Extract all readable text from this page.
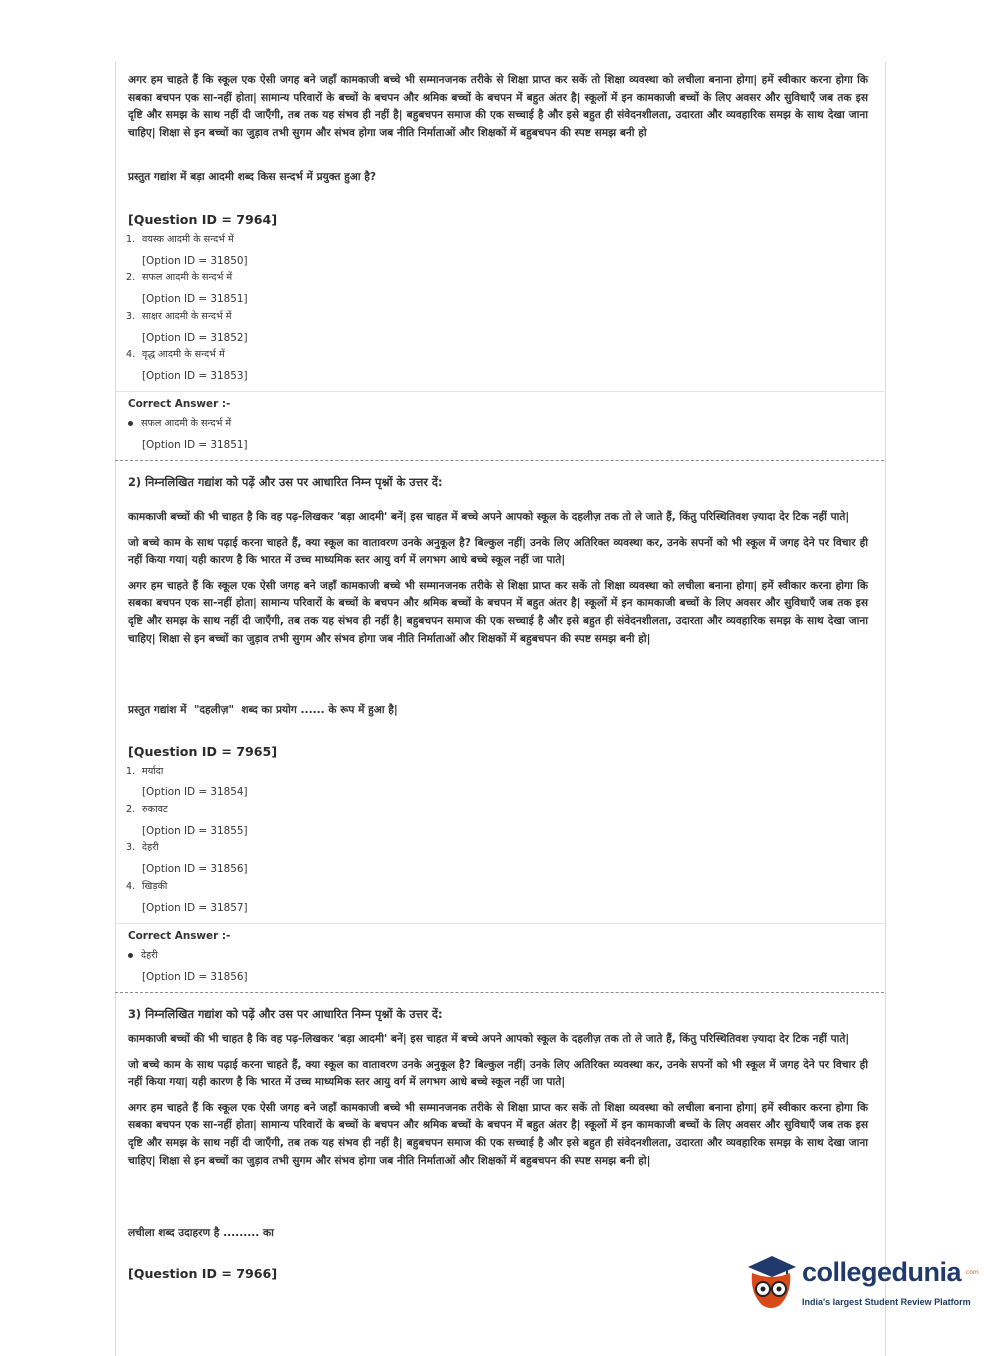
अगर हम चाहते हैं कि स्कूल एक ऐसी जगह बने जहाँ कामकाजी बच्चे भी सम्मानजनक तरीके से शिक्षा प्राप्त कर सकें तो शिक्षा व्यवस्था को लचीला बनाना होगा| हमें स्वीकार करना होगा कि सबका बचपन एक सा-नहीं होता| सामान्य परिवारों के बच्चों के बचपन और श्रमिक बच्चों के बचपन में बहुत अंतर है| स्कूलों में इन कामकाजी बच्चों के लिए अवसर और सुविधाएँ जब तक इस दृष्टि और समझ के साथ नहीं दी जाएँगी, तब तक यह संभव ही नहीं है| बहुबचपन समाज की एक सच्चाई है और इसे बहुत ही संवेदनशीलता, उदारता और व्यवहारिक समझ के साथ देखा जाना चाहिए| शिक्षा से इन बच्चों का जुड़ाव तभी सुगम और संभव होगा जब नीति निर्माताओं और शिक्षकों में बहुबचपन की स्पष्ट समझ बनी हो

प्रस्तुत गद्यांश में बड़ा आदमी शब्द किस सन्दर्भ में प्रयुक्त हुआ है?

[Question ID = 7964]

1. वयस्क आदमी के सन्दर्भ में
[Option ID = 31850]
2. सफल आदमी के सन्दर्भ में
[Option ID = 31851]
3. साक्षर आदमी के सन्दर्भ में
[Option ID = 31852]
4. वृद्ध आदमी के सन्दर्भ में
[Option ID = 31853]
Correct Answer :-
सफल आदमी के सन्दर्भ में
[Option ID = 31851]

2) निम्नलिखित गद्यांश को पढ़ें और उस पर आधारित निम्न पृश्नों के उत्तर दें:

कामकाजी बच्चों की भी चाहत है कि वह पढ़-लिखकर 'बड़ा आदमी' बनें| इस चाहत में बच्चे अपने आपको स्कूल के दहलीज़ तक तो ले जाते हैं, किंतु परिस्थितिवश ज़्यादा देर टिक नहीं पाते|

जो बच्चे काम के साथ पढ़ाई करना चाहते हैं, क्या स्कूल का वातावरण उनके अनुकूल है? बिल्कुल नहीं| उनके लिए अतिरिक्त व्यवस्था कर, उनके सपनों को भी स्कूल में जगह देने पर विचार ही नहीं किया गया| यही कारण है कि भारत में उच्च माध्यमिक स्तर आयु वर्ग में लगभग आधे बच्चे स्कूल नहीं जा पाते|

अगर हम चाहते हैं कि स्कूल एक ऐसी जगह बने जहाँ कामकाजी बच्चे भी सम्मानजनक तरीके से शिक्षा प्राप्त कर सकें तो शिक्षा व्यवस्था को लचीला बनाना होगा| हमें स्वीकार करना होगा कि सबका बचपन एक सा-नहीं होता| सामान्य परिवारों के बच्चों के बचपन और श्रमिक बच्चों के बचपन में बहुत अंतर है| स्कूलों में इन कामकाजी बच्चों के लिए अवसर और सुविधाएँ जब तक इस दृष्टि और समझ के साथ नहीं दी जाएँगी, तब तक यह संभव ही नहीं है| बहुबचपन समाज की एक सच्चाई है और इसे बहुत ही संवेदनशीलता, उदारता और व्यवहारिक समझ के साथ देखा जाना चाहिए| शिक्षा से इन बच्चों का जुड़ाव तभी सुगम और संभव होगा जब नीति निर्माताओं और शिक्षकों में बहुबचपन की स्पष्ट समझ बनी हो|

प्रस्तुत गद्यांश में  "दहलीज़"  शब्द का प्रयोग ...... के रूप में हुआ है|

[Question ID = 7965]

1. मर्यादा
[Option ID = 31854]
2. रुकावट
[Option ID = 31855]
3. देहरी
[Option ID = 31856]
4. खिड़की
[Option ID = 31857]
Correct Answer :-
देहरी
[Option ID = 31856]

3) निम्नलिखित गद्यांश को पढ़ें और उस पर आधारित निम्न पृश्नों के उत्तर दें:

कामकाजी बच्चों की भी चाहत है कि वह पढ़-लिखकर 'बड़ा आदमी' बनें| इस चाहत में बच्चे अपने आपको स्कूल के दहलीज़ तक तो ले जाते हैं, किंतु परिस्थितिवश ज़्यादा देर टिक नहीं पाते|

जो बच्चे काम के साथ पढ़ाई करना चाहते हैं, क्या स्कूल का वातावरण उनके अनुकूल है? बिल्कुल नहीं| उनके लिए अतिरिक्त व्यवस्था कर, उनके सपनों को भी स्कूल में जगह देने पर विचार ही नहीं किया गया| यही कारण है कि भारत में उच्च माध्यमिक स्तर आयु वर्ग में लगभग आधे बच्चे स्कूल नहीं जा पाते|

अगर हम चाहते हैं कि स्कूल एक ऐसी जगह बने जहाँ कामकाजी बच्चे भी सम्मानजनक तरीके से शिक्षा प्राप्त कर सकें तो शिक्षा व्यवस्था को लचीला बनाना होगा| हमें स्वीकार करना होगा कि सबका बचपन एक सा-नहीं होता| सामान्य परिवारों के बच्चों के बचपन और श्रमिक बच्चों के बचपन में बहुत अंतर है| स्कूलों में इन कामकाजी बच्चों के लिए अवसर और सुविधाएँ जब तक इस दृष्टि और समझ के साथ नहीं दी जाएँगी, तब तक यह संभव ही नहीं है| बहुबचपन समाज की एक सच्चाई है और इसे बहुत ही संवेदनशीलता, उदारता और व्यवहारिक समझ के साथ देखा जाना चाहिए| शिक्षा से इन बच्चों का जुड़ाव तभी सुगम और संभव होगा जब नीति निर्माताओं और शिक्षकों में बहुबचपन की स्पष्ट समझ बनी हो|

लचीला शब्द उदाहरण है ......... का

[Question ID = 7966]	collegedunia .com
India's largest Student Review Platform
